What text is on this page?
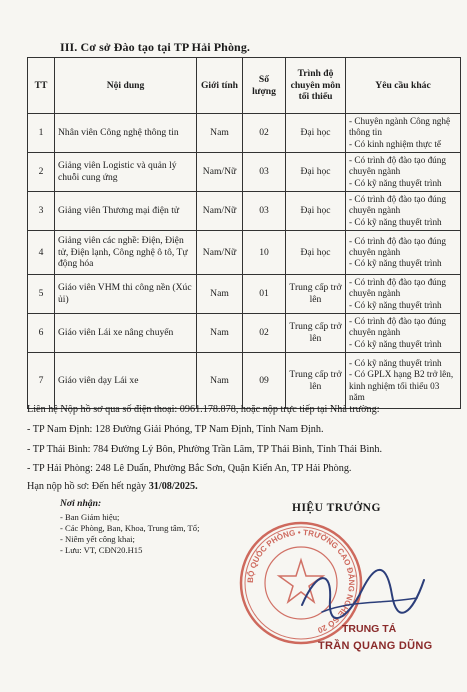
III. Cơ sở Đào tạo tại TP Hải Phòng.
TT	Nội dung	Giới tính	Số lượng	Trình độ chuyên môn tối thiểu	Yêu cầu khác
1	Nhân viên Công nghệ thông tin	Nam	02	Đại học	- Chuyên ngành Công nghệ thông tin
- Có kinh nghiệm thực tế

2	Giảng viên Logistic và quản lý chuỗi cung ứng	Nam/Nữ	03	Đại học	- Có trình độ đào tạo đúng chuyên ngành
- Có kỹ năng thuyết trình

3	Giảng viên Thương mại điện tử	Nam/Nữ	03	Đại học	- Có trình độ đào tạo đúng chuyên ngành
- Có kỹ năng thuyết trình

4	Giảng viên các nghề: Điện, Điện tử, Điện lạnh, Công nghệ ô tô, Tự động hóa	Nam/Nữ	10	Đại học	- Có trình độ đào tạo đúng chuyên ngành
- Có kỹ năng thuyết trình

5	Giáo viên VHM thi công nền (Xúc ủi)	Nam	01	Trung cấp trở lên	- Có trình độ đào tạo đúng chuyên ngành
- Có kỹ năng thuyết trình

6	Giáo viên Lái xe nâng chuyển	Nam	02	Trung cấp trở lên	- Có trình độ đào tạo đúng chuyên ngành
- Có kỹ năng thuyết trình

7	Giáo viên dạy Lái xe	Nam	09	Trung cấp trở lên	- Có kỹ năng thuyết trình
- Có GPLX hạng B2 trở lên, kinh nghiệm tối thiểu 03 năm
Liên hệ Nộp hồ sơ qua số điện thoại: 0961.178.878, hoặc nộp trực tiếp tại Nhà trường:
- TP Nam Định: 128 Đường Giải Phóng, TP Nam Định, Tỉnh Nam Định.
- TP Thái Bình: 784 Đường Lý Bôn, Phường Trần Lãm, TP Thái Bình, Tỉnh Thái Bình.
- TP Hải Phòng: 248 Lê Duẩn, Phường Bắc Sơn, Quận Kiến An, TP Hải Phòng.
Hạn nộp hồ sơ: Đến hết ngày 31/08/2025.
Nơi nhận:
- Ban Giám hiệu;
- Các Phòng, Ban, Khoa, Trung tâm, Tổ;
- Niêm yết công khai;
- Lưu: VT, CĐN20.H15
HIỆU TRƯỞNG
BỘ QUỐC PHÒNG • TRƯỜNG CAO ĐẲNG NGHỀ SỐ 20	TRUNG TÁ
TRẦN QUANG DŨNG
